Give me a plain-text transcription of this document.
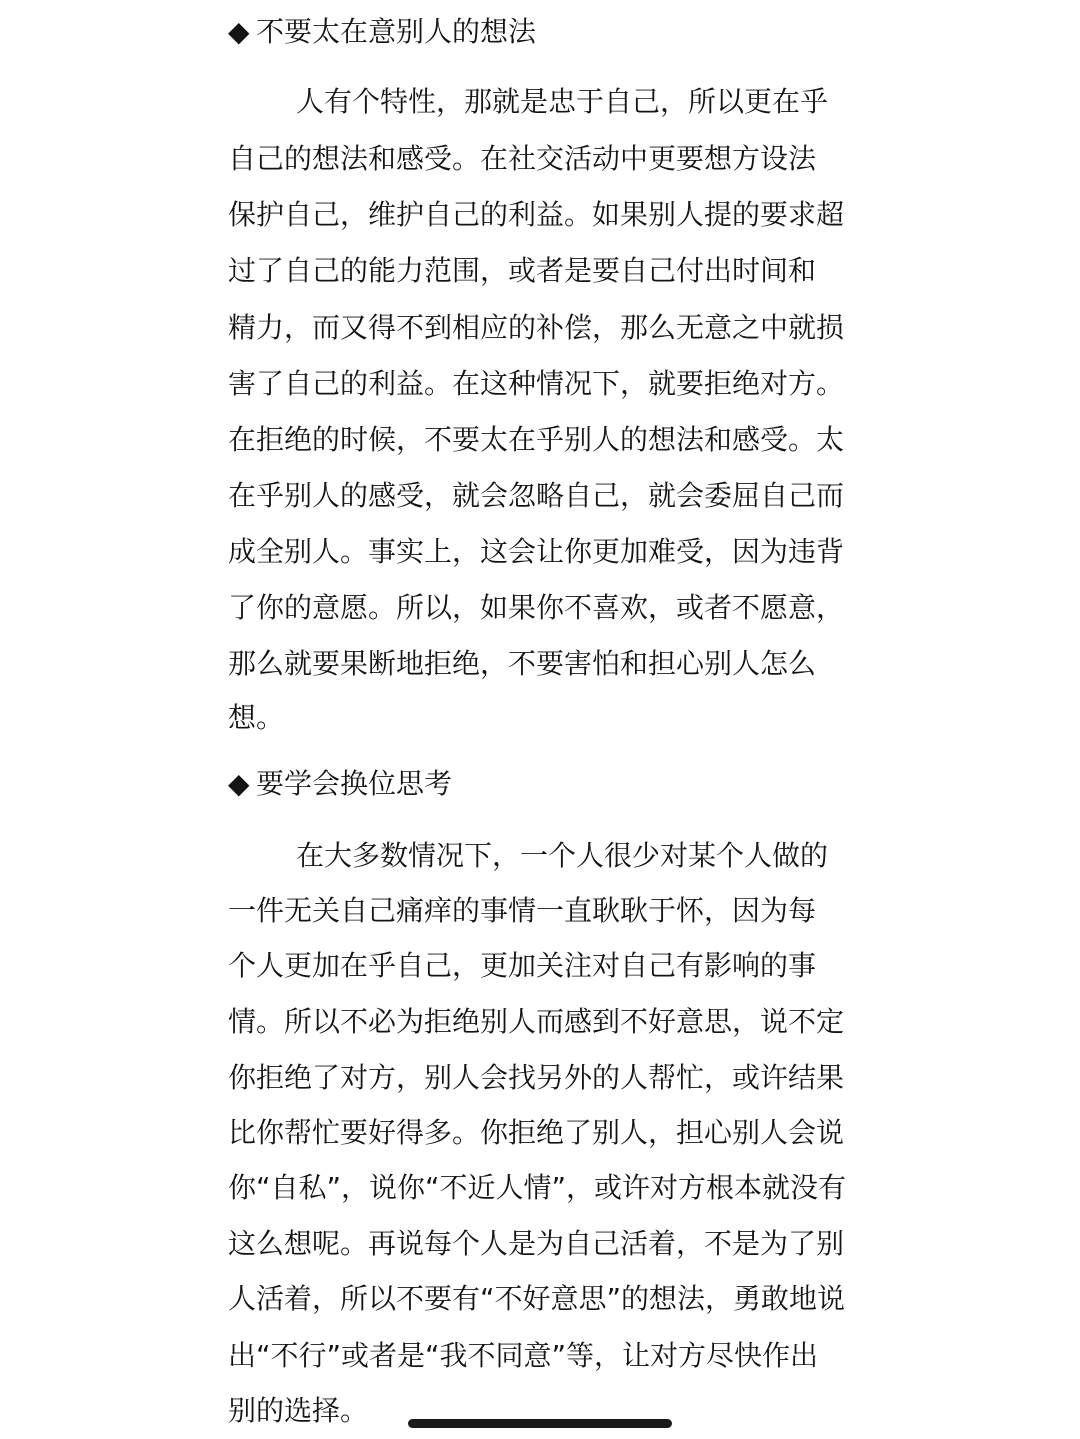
◆ 不要太在意别人的想法

人有个特性，那就是忠于自己，所以更在乎

自己的想法和感受。在社交活动中更要想方设法

保护自己，维护自己的利益。如果别人提的要求超

过了自己的能力范围，或者是要自己付出时间和

精力，而又得不到相应的补偿，那么无意之中就损

害了自己的利益。在这种情况下，就要拒绝对方。

在拒绝的时候，不要太在乎别人的想法和感受。太

在乎别人的感受，就会忽略自己，就会委屈自己而

成全别人。事实上，这会让你更加难受，因为违背

了你的意愿。所以，如果你不喜欢，或者不愿意，

那么就要果断地拒绝，不要害怕和担心别人怎么

想。

◆ 要学会换位思考

在大多数情况下，一个人很少对某个人做的

一件无关自己痛痒的事情一直耿耿于怀，因为每

个人更加在乎自己，更加关注对自己有影响的事

情。所以不必为拒绝别人而感到不好意思，说不定

你拒绝了对方，别人会找另外的人帮忙，或许结果

比你帮忙要好得多。你拒绝了别人，担心别人会说

你“自私”，说你“不近人情”，或许对方根本就没有

这么想呢。再说每个人是为自己活着，不是为了别

人活着，所以不要有“不好意思”的想法，勇敢地说

出“不行”或者是“我不同意”等，让对方尽快作出

别的选择。
